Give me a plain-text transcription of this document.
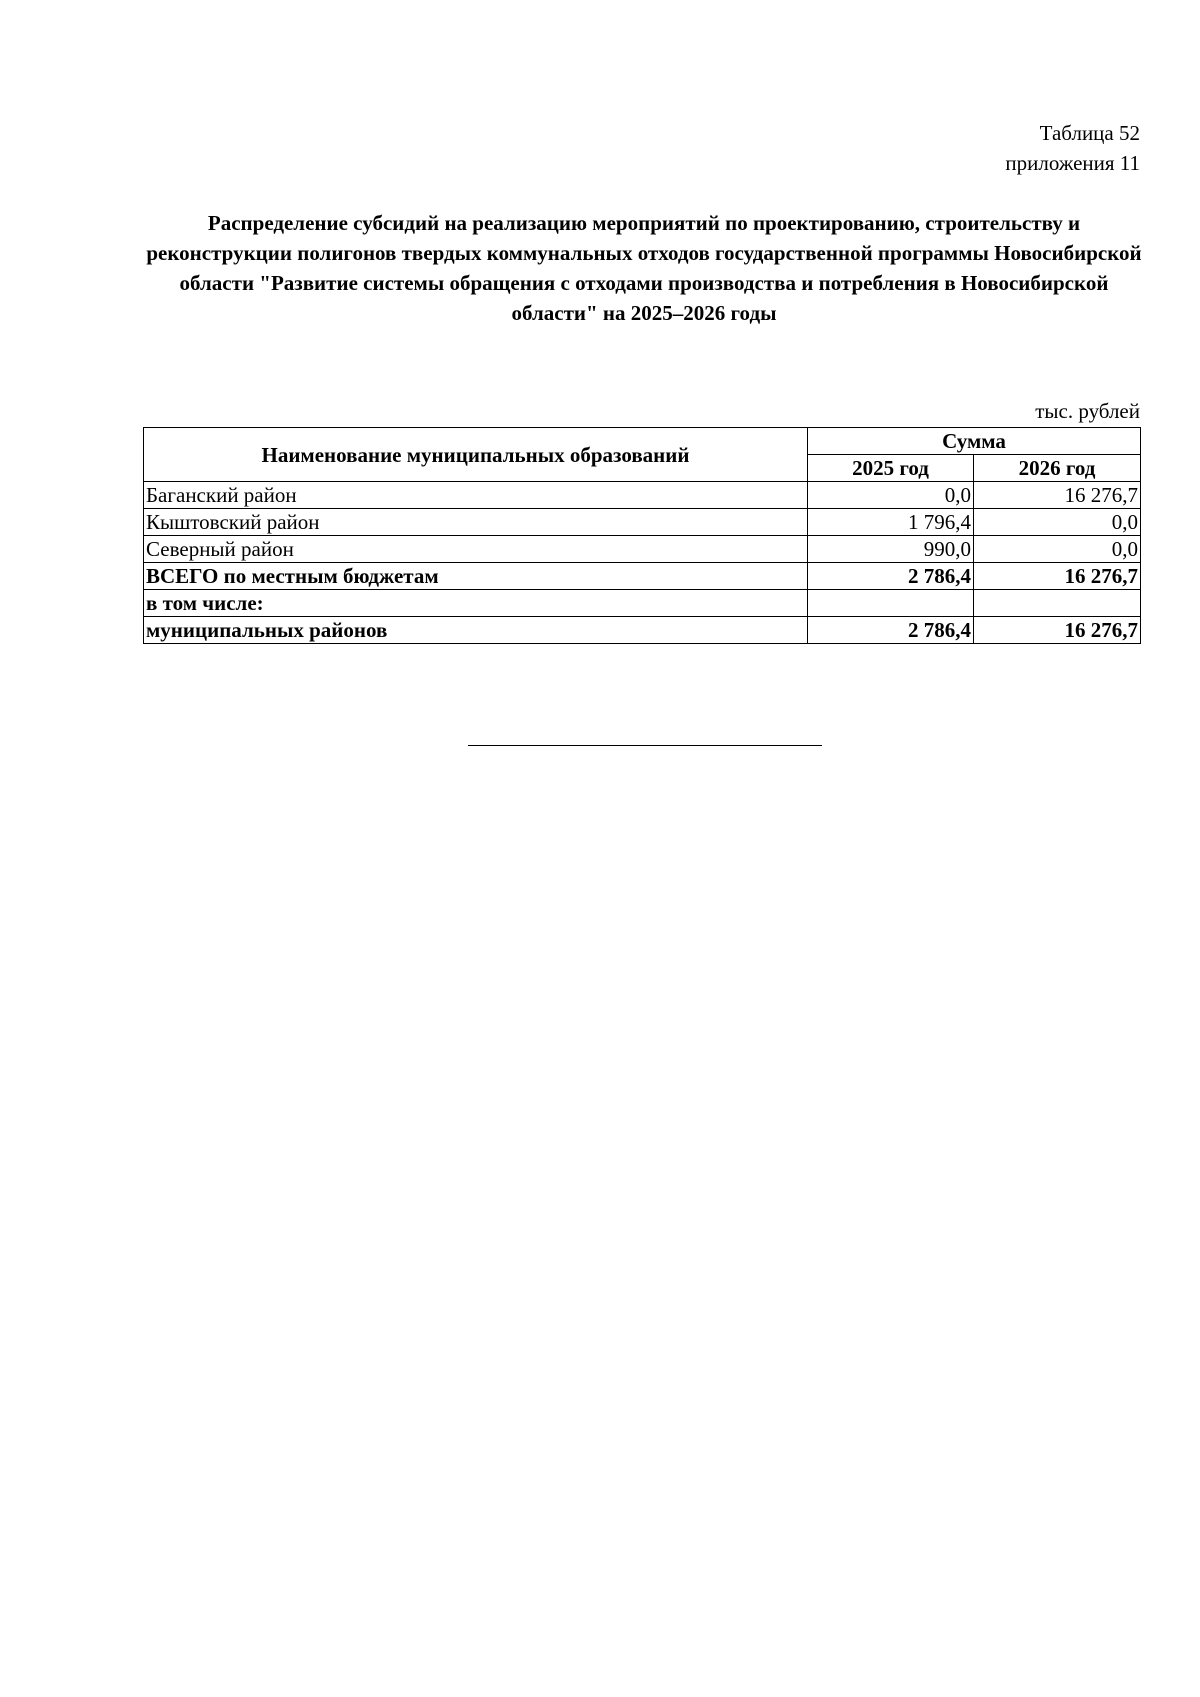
Таблица 52
приложения 11
Распределение субсидий на реализацию мероприятий по проектированию, строительству и реконструкции полигонов твердых коммунальных отходов государственной программы Новосибирской области "Развитие системы обращения с отходами производства и потребления в Новосибирской области" на 2025–2026 годы
тыс. рублей
Наименование муниципальных образований	Сумма	
	2025 год	2026 год
Баганский район	0,0	16 276,7
Кыштовский район	1 796,4	0,0
Северный район	990,0	0,0
ВСЕГО по местным бюджетам	2 786,4	16 276,7
в том числе:		
муниципальных районов	2 786,4	16 276,7
